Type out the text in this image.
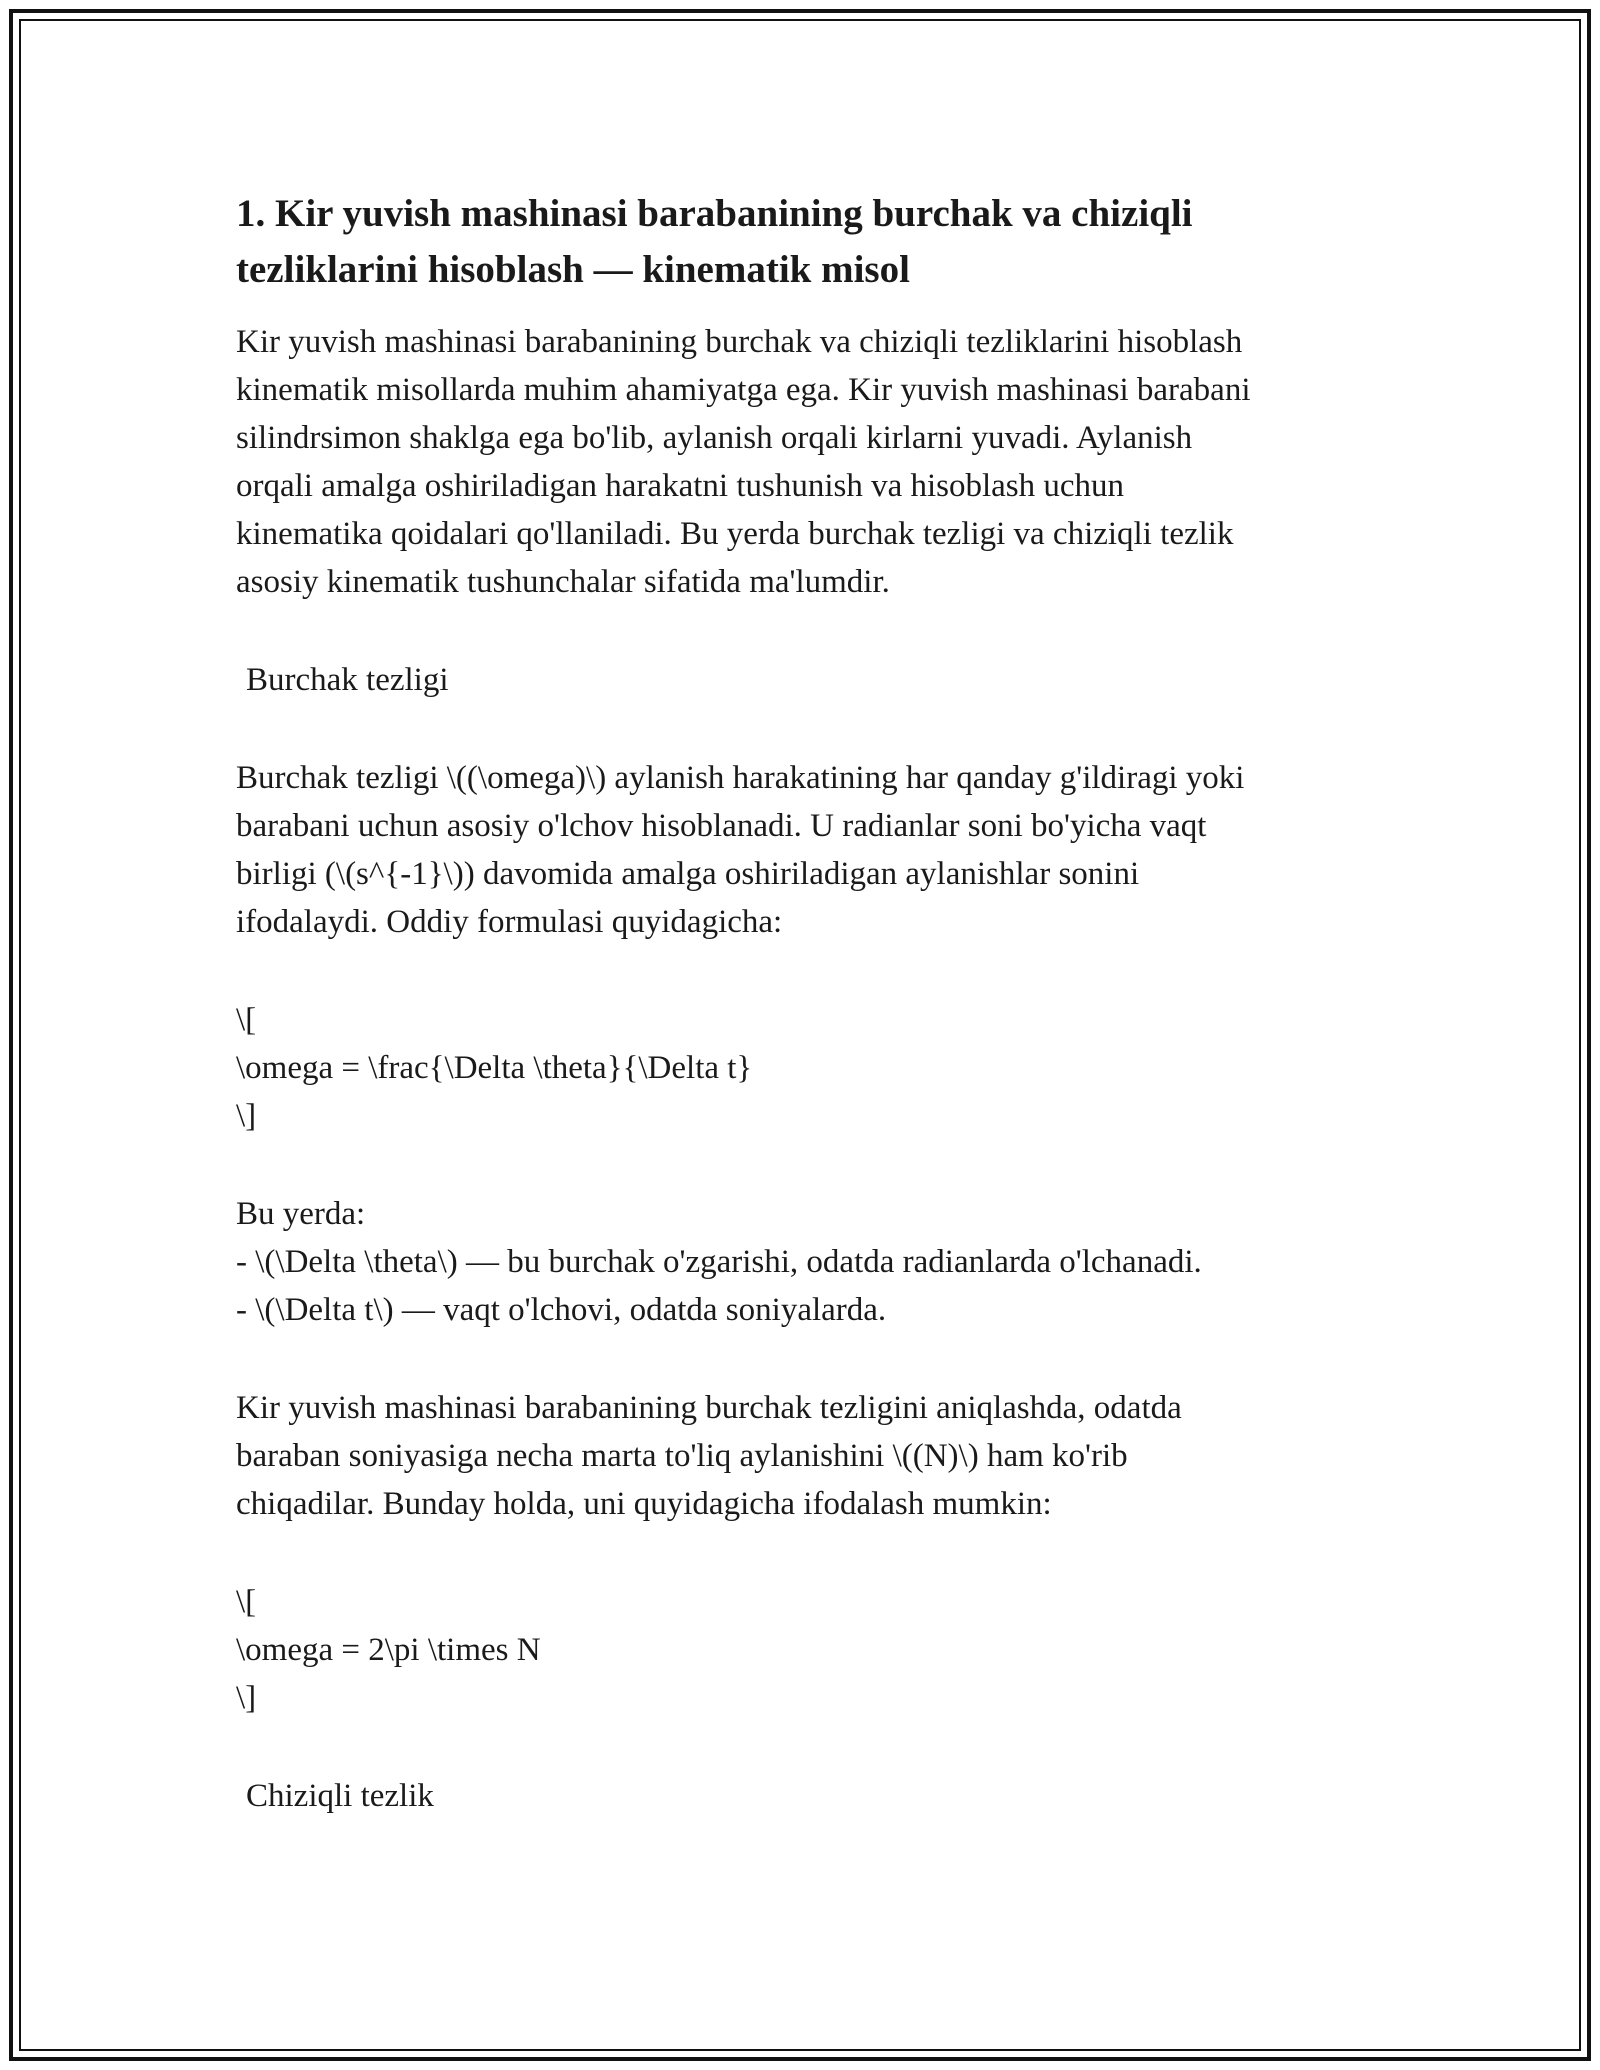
1. Kir yuvish mashinasi barabanining burchak va chiziqli
tezliklarini hisoblash — kinematik misol

Kir yuvish mashinasi barabanining burchak va chiziqli tezliklarini hisoblash
kinematik misollarda muhim ahamiyatga ega. Kir yuvish mashinasi barabani
silindrsimon shaklga ega bo'lib, aylanish orqali kirlarni yuvadi. Aylanish
orqali amalga oshiriladigan harakatni tushunish va hisoblash uchun
kinematika qoidalari qo'llaniladi. Bu yerda burchak tezligi va chiziqli tezlik
asosiy kinematik tushunchalar sifatida ma'lumdir.

Burchak tezligi

Burchak tezligi \((\omega)\) aylanish harakatining har qanday g'ildiragi yoki
barabani uchun asosiy o'lchov hisoblanadi. U radianlar soni bo'yicha vaqt
birligi (\(s^{-1}\)) davomida amalga oshiriladigan aylanishlar sonini
ifodalaydi. Oddiy formulasi quyidagicha:

\[
\omega = \frac{\Delta \theta}{\Delta t}
\]

Bu yerda:
- \(\Delta \theta\) — bu burchak o'zgarishi, odatda radianlarda o'lchanadi.
- \(\Delta t\) — vaqt o'lchovi, odatda soniyalarda.

Kir yuvish mashinasi barabanining burchak tezligini aniqlashda, odatda
baraban soniyasiga necha marta to'liq aylanishini \((N)\) ham ko'rib
chiqadilar. Bunday holda, uni quyidagicha ifodalash mumkin:

\[
\omega = 2\pi \times N
\]

Chiziqli tezlik
